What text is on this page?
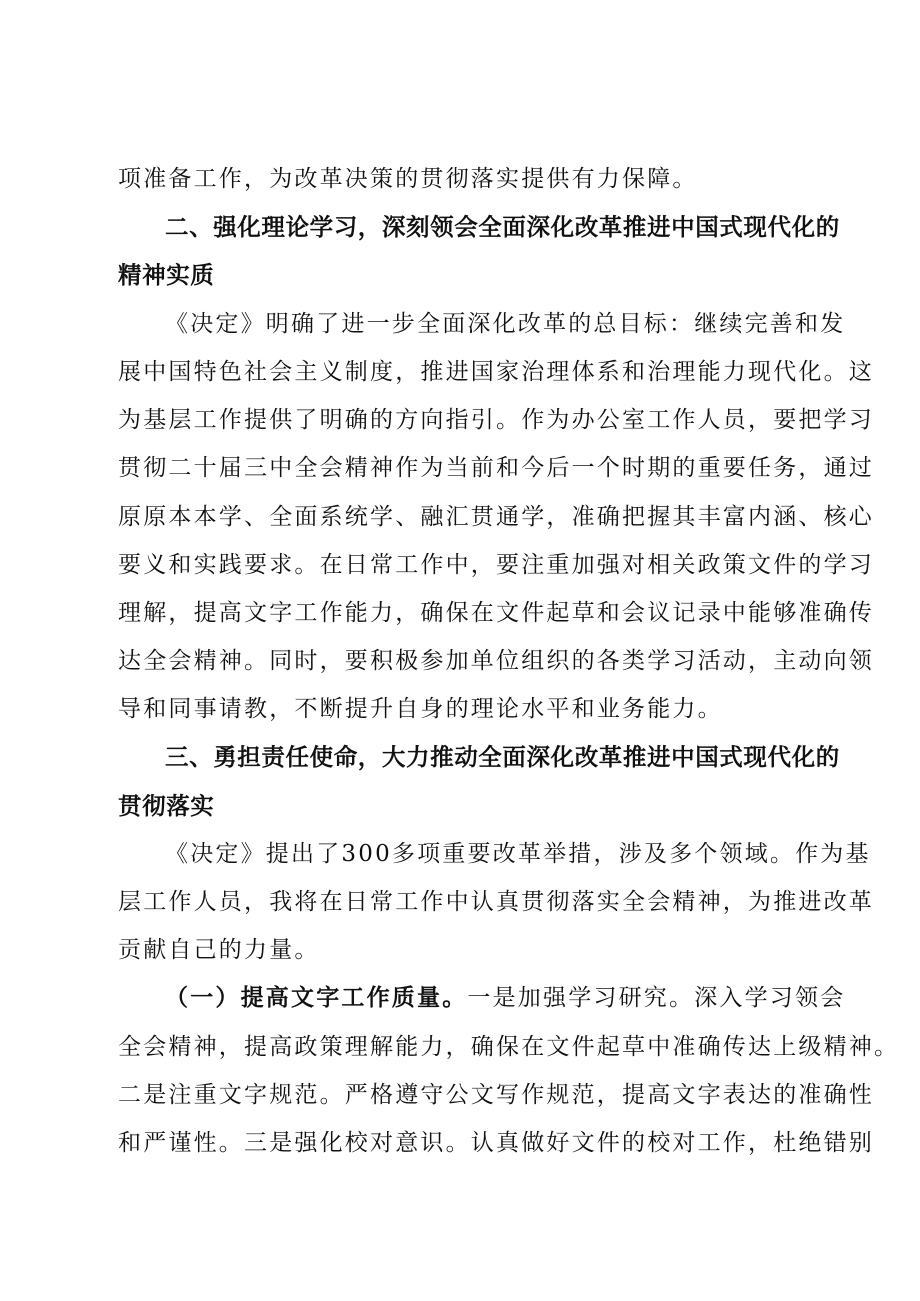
项准备工作，为改革决策的贯彻落实提供有力保障。
二、强化理论学习，深刻领会全面深化改革推进中国式现代化的
精神实质
《决定》明确了进一步全面深化改革的总目标：继续完善和发
展中国特色社会主义制度，推进国家治理体系和治理能力现代化。这
为基层工作提供了明确的方向指引。作为办公室工作人员，要把学习
贯彻二十届三中全会精神作为当前和今后一个时期的重要任务，通过
原原本本学、全面系统学、融汇贯通学，准确把握其丰富内涵、核心
要义和实践要求。在日常工作中，要注重加强对相关政策文件的学习
理解，提高文字工作能力，确保在文件起草和会议记录中能够准确传
达全会精神。同时，要积极参加单位组织的各类学习活动，主动向领
导和同事请教，不断提升自身的理论水平和业务能力。
三、勇担责任使命，大力推动全面深化改革推进中国式现代化的
贯彻落实
《决定》提出了300多项重要改革举措，涉及多个领域。作为基
层工作人员，我将在日常工作中认真贯彻落实全会精神，为推进改革
贡献自己的力量。
（一）提高文字工作质量。一是加强学习研究。深入学习领会
全会精神，提高政策理解能力，确保在文件起草中准确传达上级精神。
二是注重文字规范。严格遵守公文写作规范，提高文字表达的准确性
和严谨性。三是强化校对意识。认真做好文件的校对工作，杜绝错别
